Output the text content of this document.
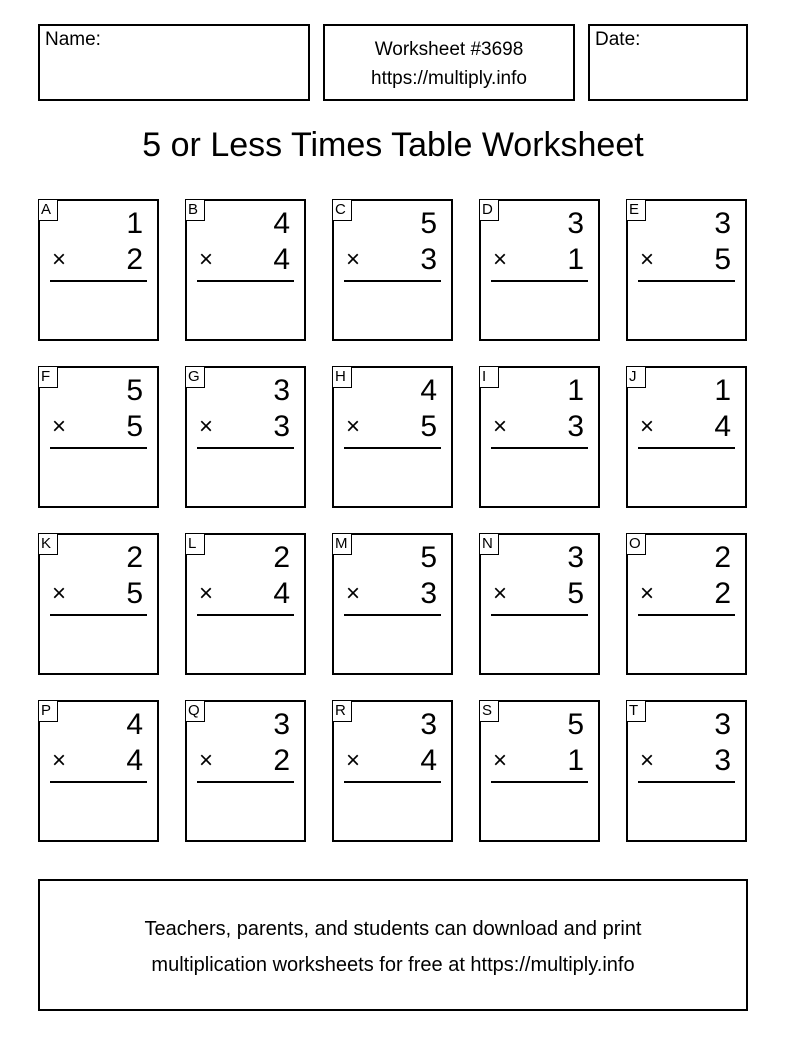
Name:	Worksheet #3698
https://multiply.info
Date:
5 or Less Times Table Worksheet
A	1
× 2
B	4
× 4
C 5
× 3
D 3
× 1
E	3
× 5
F	5
× 5
G 3
× 3
H 4
× 5
I	1
× 3
J	1
× 4
K	2
× 5
L	2
× 4
M 5
× 3
N 3
× 5
O 2
× 2
P	4
× 4
Q 3
× 2
R 3
× 4
S	5
× 1
T	3
× 3
Teachers, parents, and students can download and print
multiplication worksheets for free at https://multiply.info
